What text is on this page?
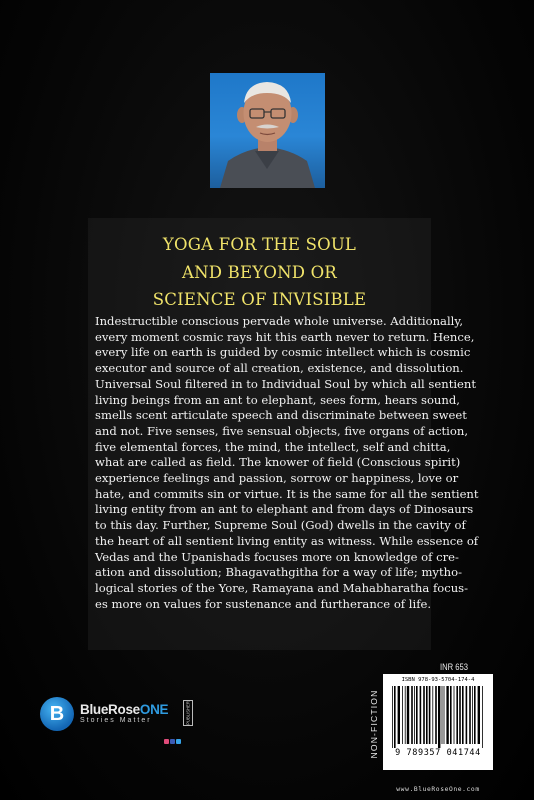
YOGA FOR THE SOUL
AND BEYOND OR
SCIENCE OF INVISIBLE
Indestructible conscious pervade whole universe. Additionally,
every moment cosmic rays hit this earth never to return. Hence,
every life on earth is guided by cosmic intellect which is cosmic
executor and source of all creation, existence, and dissolution.
Universal Soul filtered in to Individual Soul by which all sentient
living beings from an ant to elephant, sees form, hears sound,
smells scent articulate speech and discriminate between sweet
and not. Five senses, five sensual objects, five organs of action,
five elemental forces, the mind, the intellect, self and chitta,
what are called as field. The knower of field (Conscious spirit)
experience feelings and passion, sorrow or happiness, love or
hate, and commits sin or virtue. It is the same for all the sentient
living entity from an ant to elephant and from days of Dinosaurs
to this day. Further, Supreme Soul (God) dwells in the cavity of
the heart of all sentient living entity as witness. While essence of
Vedas and the Upanishads focuses more on knowledge of cre-
ation and dissolution; Bhagavathgitha for a way of life; mytho-
logical stories of the Yore, Ramayana and Mahabharatha focus-
es more on values for sustenance and furtherance of life.
B	BlueRoseONE	PUBLISHER
Stories Matter
INR 653
NON-FICTION
ISBN 978-93-5704-174-4
9 789357 041744
www.BlueRoseOne.com
